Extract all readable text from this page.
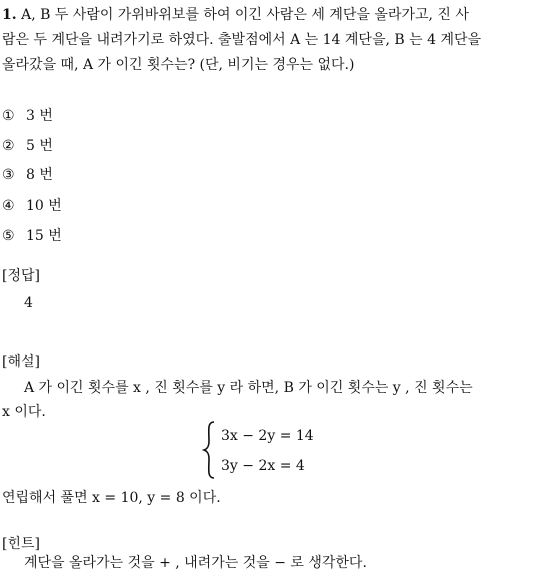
1. A, B 두 사람이 가위바위보를 하여 이긴 사람은 세 계단을 올라가고, 진 사
람은 두 계단을 내려가기로 하였다. 출발점에서 A 는 14 계단을, B 는 4 계단을
올라갔을 때, A 가 이긴 횟수는? (단, 비기는 경우는 없다.)
① 3 번
② 5 번
③ 8 번
④ 10 번
⑤ 15 번
[정답]
4
[해설]
A 가 이긴 횟수를 x , 진 횟수를 y 라 하면, B 가 이긴 횟수는 y , 진 횟수는
x 이다.
3x − 2y = 14
3y − 2x = 4
연립해서 풀면 x = 10, y = 8 이다.
[힌트]
계단을 올라가는 것을 + , 내려가는 것을 − 로 생각한다.
